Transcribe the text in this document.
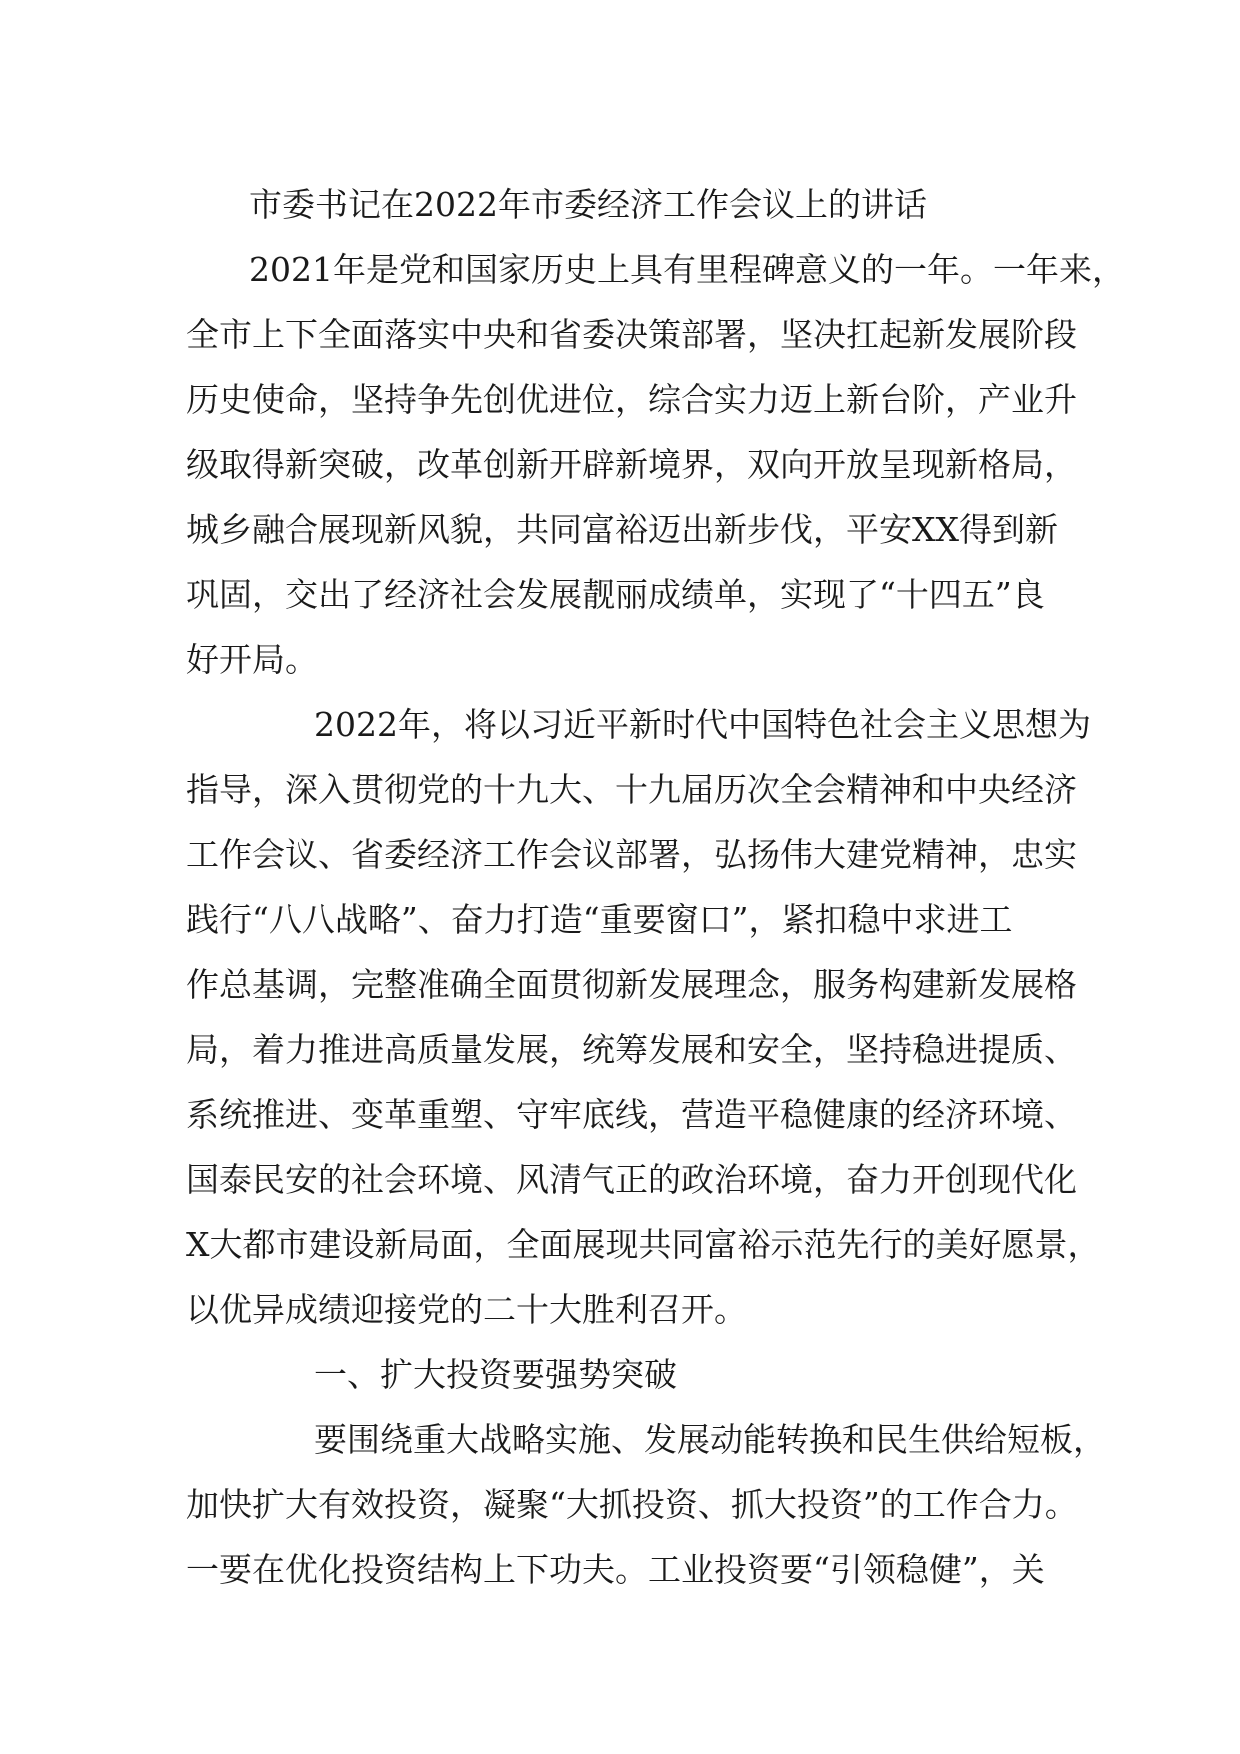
市委书记在2022年市委经济工作会议上的讲话
2021年是党和国家历史上具有里程碑意义的一年。一年来，
全市上下全面落实中央和省委决策部署，坚决扛起新发展阶段
历史使命，坚持争先创优进位，综合实力迈上新台阶，产业升
级取得新突破，改革创新开辟新境界，双向开放呈现新格局，
城乡融合展现新风貌，共同富裕迈出新步伐，平安XX得到新
巩固，交出了经济社会发展靓丽成绩单，实现了“十四五”良
好开局。
2022年，将以习近平新时代中国特色社会主义思想为
指导，深入贯彻党的十九大、十九届历次全会精神和中央经济
工作会议、省委经济工作会议部署，弘扬伟大建党精神，忠实
践行“八八战略”、奋力打造“重要窗口”，紧扣稳中求进工
作总基调，完整准确全面贯彻新发展理念，服务构建新发展格
局，着力推进高质量发展，统筹发展和安全，坚持稳进提质、
系统推进、变革重塑、守牢底线，营造平稳健康的经济环境、
国泰民安的社会环境、风清气正的政治环境，奋力开创现代化
X大都市建设新局面，全面展现共同富裕示范先行的美好愿景，
以优异成绩迎接党的二十大胜利召开。
一、扩大投资要强势突破
要围绕重大战略实施、发展动能转换和民生供给短板，
加快扩大有效投资，凝聚“大抓投资、抓大投资”的工作合力。
一要在优化投资结构上下功夫。工业投资要“引领稳健”，关
